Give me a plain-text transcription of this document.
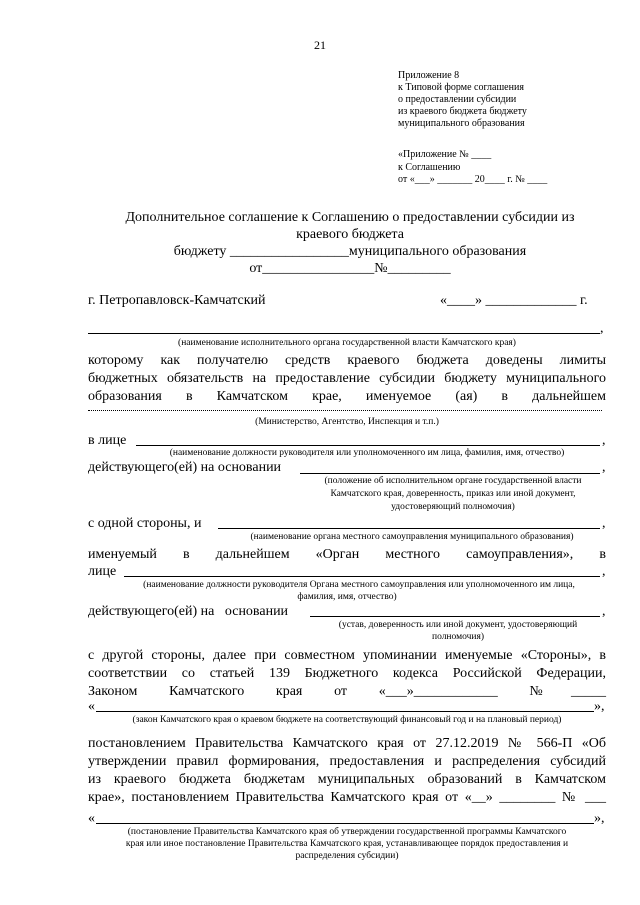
21
Приложение 8
к Типовой форме соглашения
о предоставлении субсидии
из краевого бюджета бюджету
муниципального образования
«Приложение № ____
к Соглашению
от «___» _______ 20____ г. № ____
Дополнительное соглашение к Соглашению о предоставлении субсидии из
краевого бюджета
бюджету _________________муниципального образования
от________________№_________
г. Петропавловск-Камчатский	«____» _____________ г.
,
(наименование исполнительного органа государственной власти Камчатского края)
которому как получателю средств краевого бюджета доведены лимиты
бюджетных обязательств на предоставление субсидии бюджету муниципального
образования в Камчатском крае, именуемое (ая) в дальнейшем
(Министерство, Агентство, Инспекция и т.п.)
в лице	,
(наименование должности руководителя или уполномоченного им лица, фамилия, имя, отчество)
действующего(ей) на основании	,
(положение об исполнительном органе государственной власти
Камчатского края, доверенность, приказ или иной документ,
удостоверяющий полномочия)
с одной стороны, и	,
(наименование органа местного самоуправления муниципального образования)
именуемый в дальнейшем «Орган местного самоуправления», в
лице	,
(наименование должности руководителя Органа местного самоуправления или уполномоченного им лица,
фамилия, имя, отчество)
действующего(ей) на   основании	,
(устав, доверенность или иной документ, удостоверяющий
полномочия)
с другой стороны, далее при совместном упоминании именуемые «Стороны», в
соответствии со статьей 139 Бюджетного кодекса Российской Федерации,
Законом Камчатского края от «___»____________ №_____
«	»,
(закон Камчатского края о краевом бюджете на соответствующий финансовый год и на плановый период)
постановлением Правительства Камчатского края от 27.12.2019 № 566-П «Об
утверждении правил формирования, предоставления и распределения субсидий
из краевого бюджета бюджетам муниципальных образований в Камчатском
крае», постановлением Правительства Камчатского края от «__» ________ № ___
«	»,
(постановление Правительства Камчатского края об утверждении государственной программы Камчатского
края или иное постановление Правительства Камчатского края, устанавливающее порядок предоставления и
распределения субсидии)
